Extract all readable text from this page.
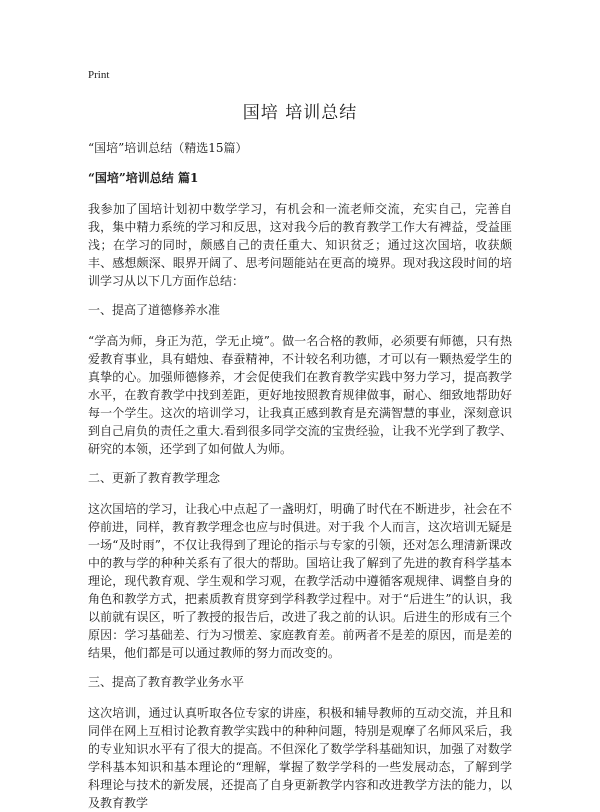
Print
国培 培训总结
“国培”培训总结（精选15篇）
“国培”培训总结 篇1

我参加了国培计划初中数学学习，有机会和一流老师交流，充实自己，完善自我，集中精力系统的学习和反思，这对我今后的教育教学工作大有裨益，受益匪浅；在学习的同时，颇感自己的责任重大、知识贫乏；通过这次国培，收获颇丰、感想颇深、眼界开阔了、思考问题能站在更高的境界。现对我这段时间的培训学习从以下几方面作总结：

一、提高了道德修养水准

“学高为师，身正为范，学无止境”。做一名合格的教师，必须要有师德，只有热爱教育事业，具有蜡烛、春蚕精神，不计较名利功德，才可以有一颗热爱学生的真挚的心。加强师德修养，才会促使我们在教育教学实践中努力学习，提高教学水平，在教育教学中找到差距，更好地按照教育规律做事，耐心、细致地帮助好每一个学生。这次的培训学习，让我真正感到教育是充满智慧的事业，深刻意识到自己肩负的责任之重大.看到很多同学交流的宝贵经验，让我不光学到了教学、研究的本领，还学到了如何做人为师。

二、更新了教育教学理念

这次国培的学习，让我心中点起了一盏明灯，明确了时代在不断进步，社会在不停前进，同样，教育教学理念也应与时俱进。对于我 个人而言，这次培训无疑是一场“及时雨”，不仅让我得到了理论的指示与专家的引领，还对怎么理清新课改中的教与学的种种关系有了很大的帮助。国培让我了解到了先进的教育科学基本理论，现代教育观、学生观和学习观，在教学活动中遵循客观规律、调整自身的角色和教学方式，把素质教育贯穿到学科教学过程中。对于“后进生”的认识，我以前就有误区，听了教授的报告后，改进了我之前的认识。后进生的形成有三个原因：学习基础差、行为习惯差、家庭教育差。前两者不是差的原因，而是差的结果，他们都是可以通过教师的努力而改变的。

三、提高了教育教学业务水平

这次培训，通过认真听取各位专家的讲座，积极和辅导教师的互动交流，并且和同伴在网上互相讨论教育教学实践中的种种问题，特别是观摩了名师风采后，我的专业知识水平有了很大的提高。不但深化了数学学科基础知识，加强了对数学学科基本知识和基本理论的“理解，掌握了数学学科的一些发展动态，了解到学科理论与技术的新发展，还提高了自身更新教学内容和改进教学方法的能力，以及教育教学
